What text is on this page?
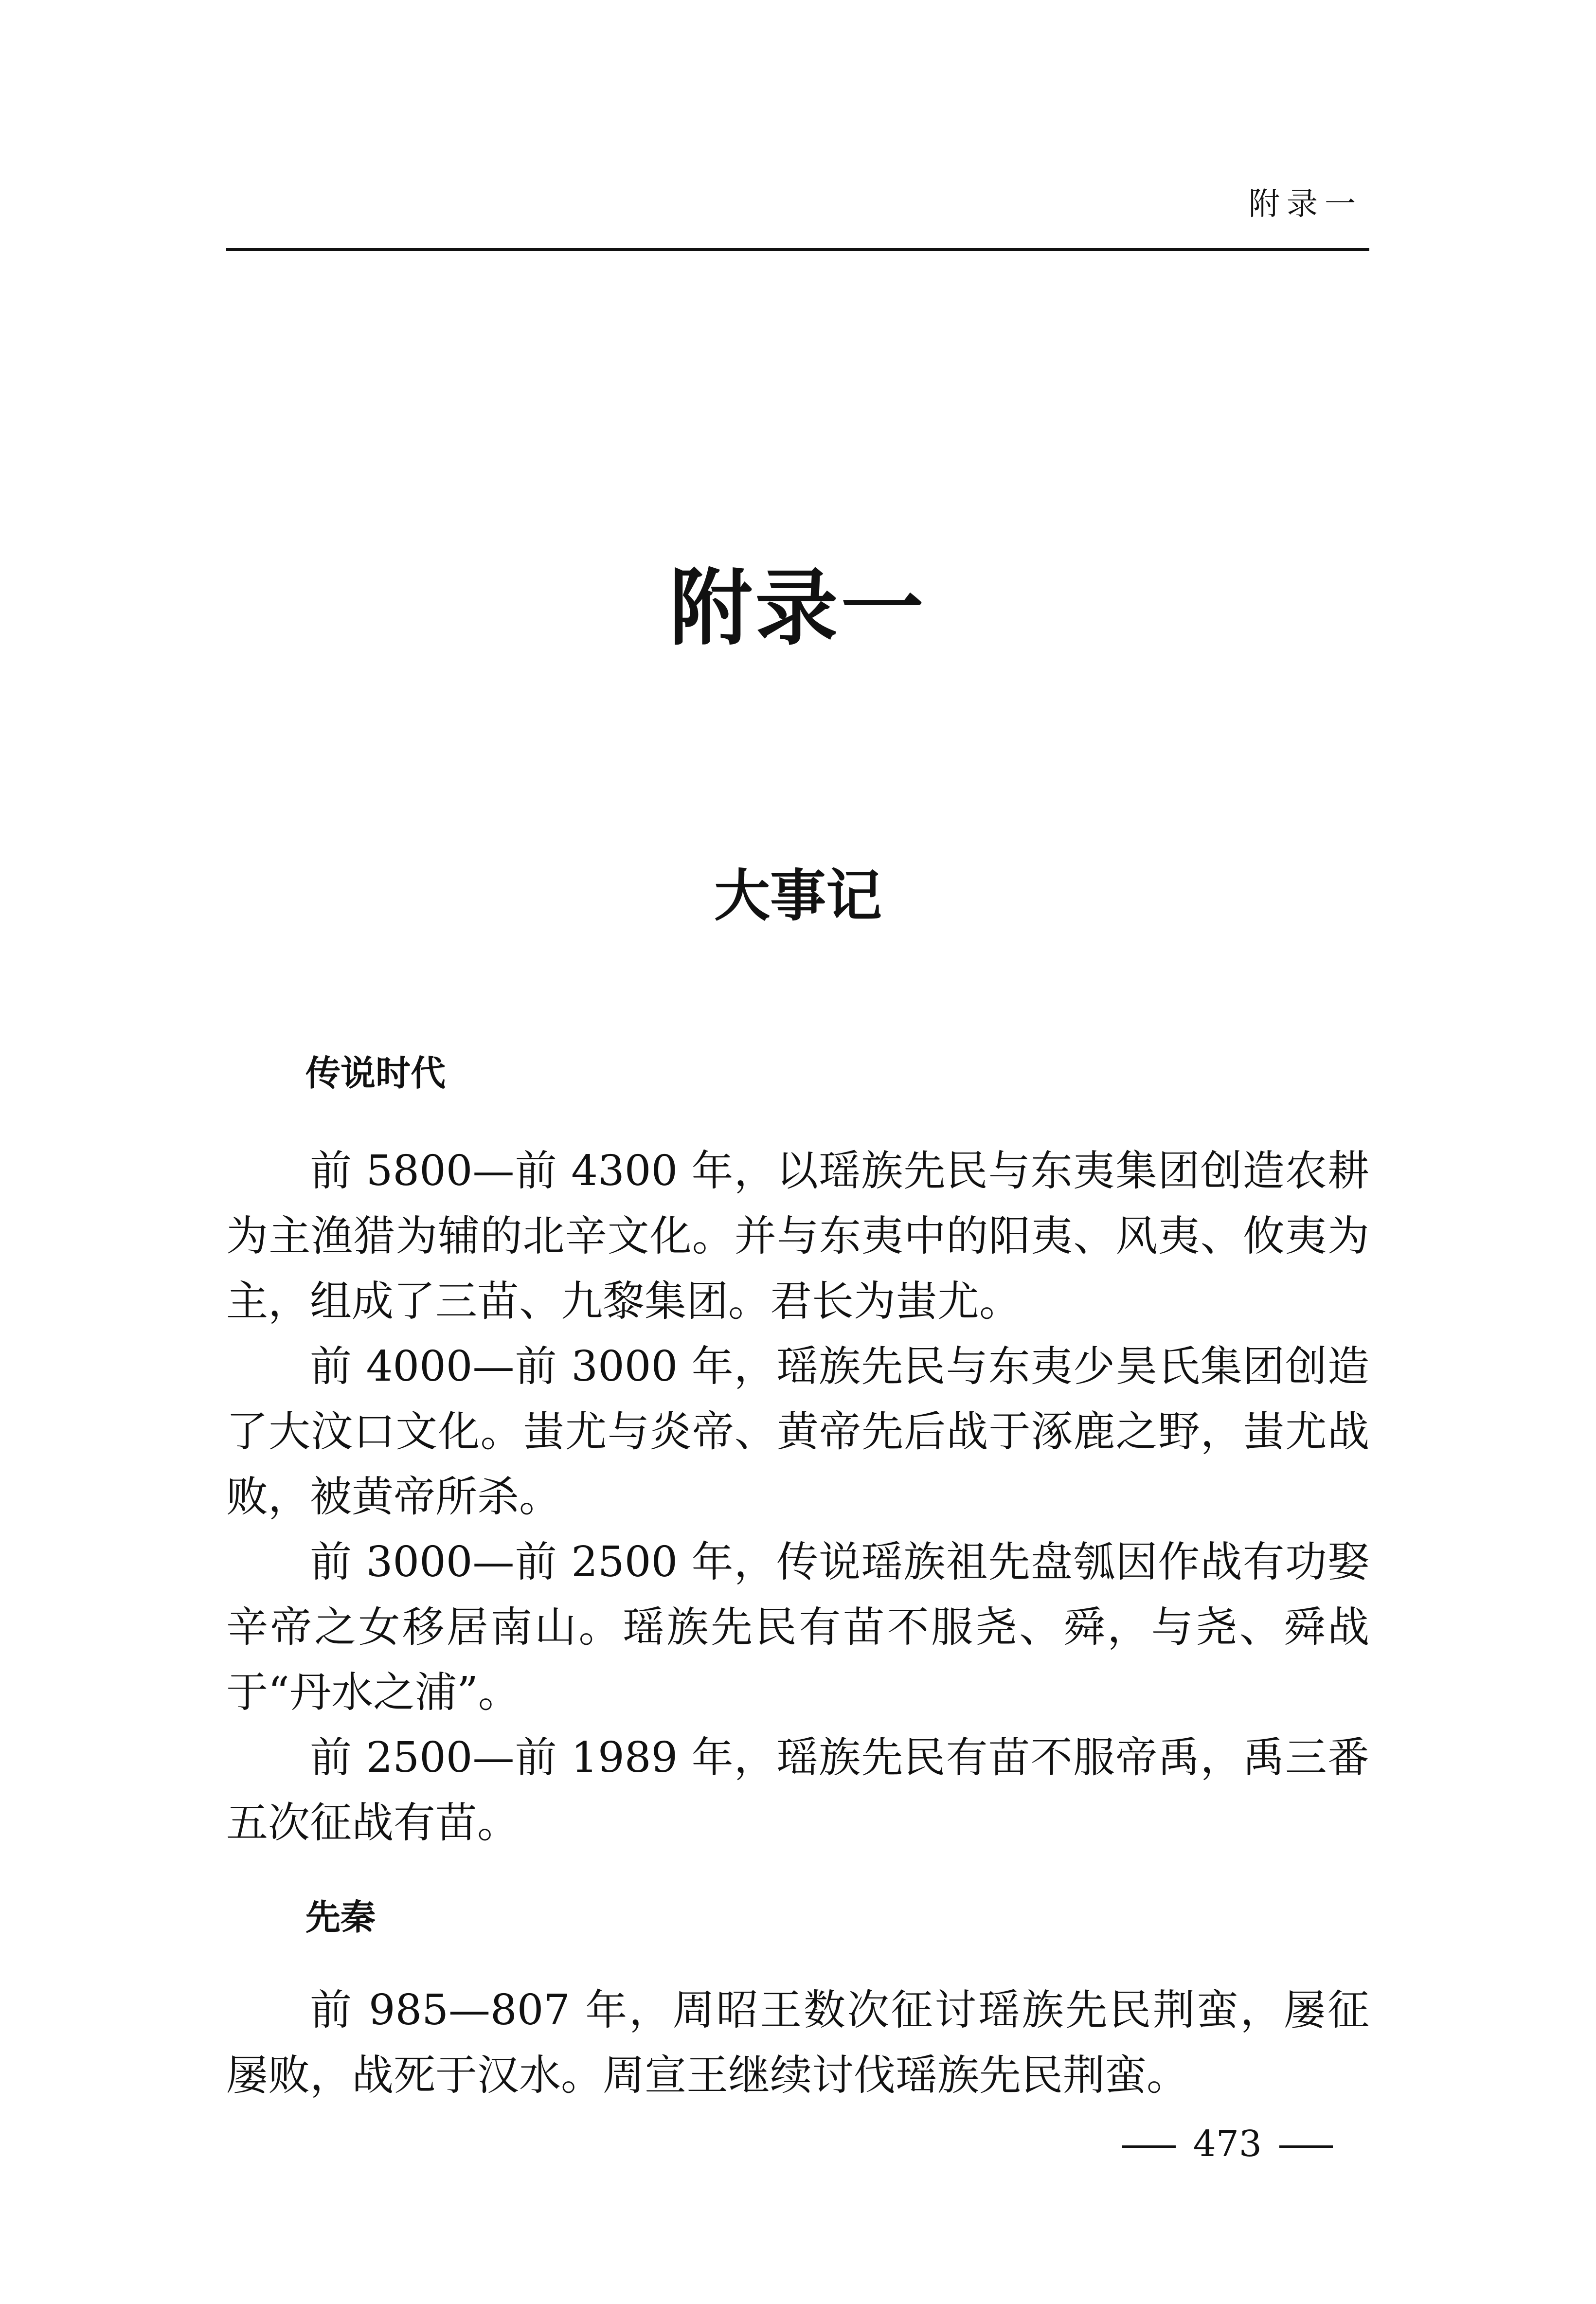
附录一
附录一
大事记
传说时代

前 5800—前 4300 年，以瑶族先民与东夷集团创造农耕为主渔猎为辅的北辛文化。并与东夷中的阳夷、风夷、攸夷为主，组成了三苗、九黎集团。君长为蚩尤。

前 4000—前 3000 年，瑶族先民与东夷少昊氏集团创造了大汶口文化。蚩尤与炎帝、黄帝先后战于涿鹿之野，蚩尤战败，被黄帝所杀。

前 3000—前 2500 年，传说瑶族祖先盘瓠因作战有功娶辛帝之女移居南山。瑶族先民有苗不服尧、舜，与尧、舜战于“丹水之浦”。

前 2500—前 1989 年，瑶族先民有苗不服帝禹，禹三番五次征战有苗。

先秦

前 985—807 年，周昭王数次征讨瑶族先民荆蛮，屡征屡败，战死于汉水。周宣王继续讨伐瑶族先民荆蛮。

473
